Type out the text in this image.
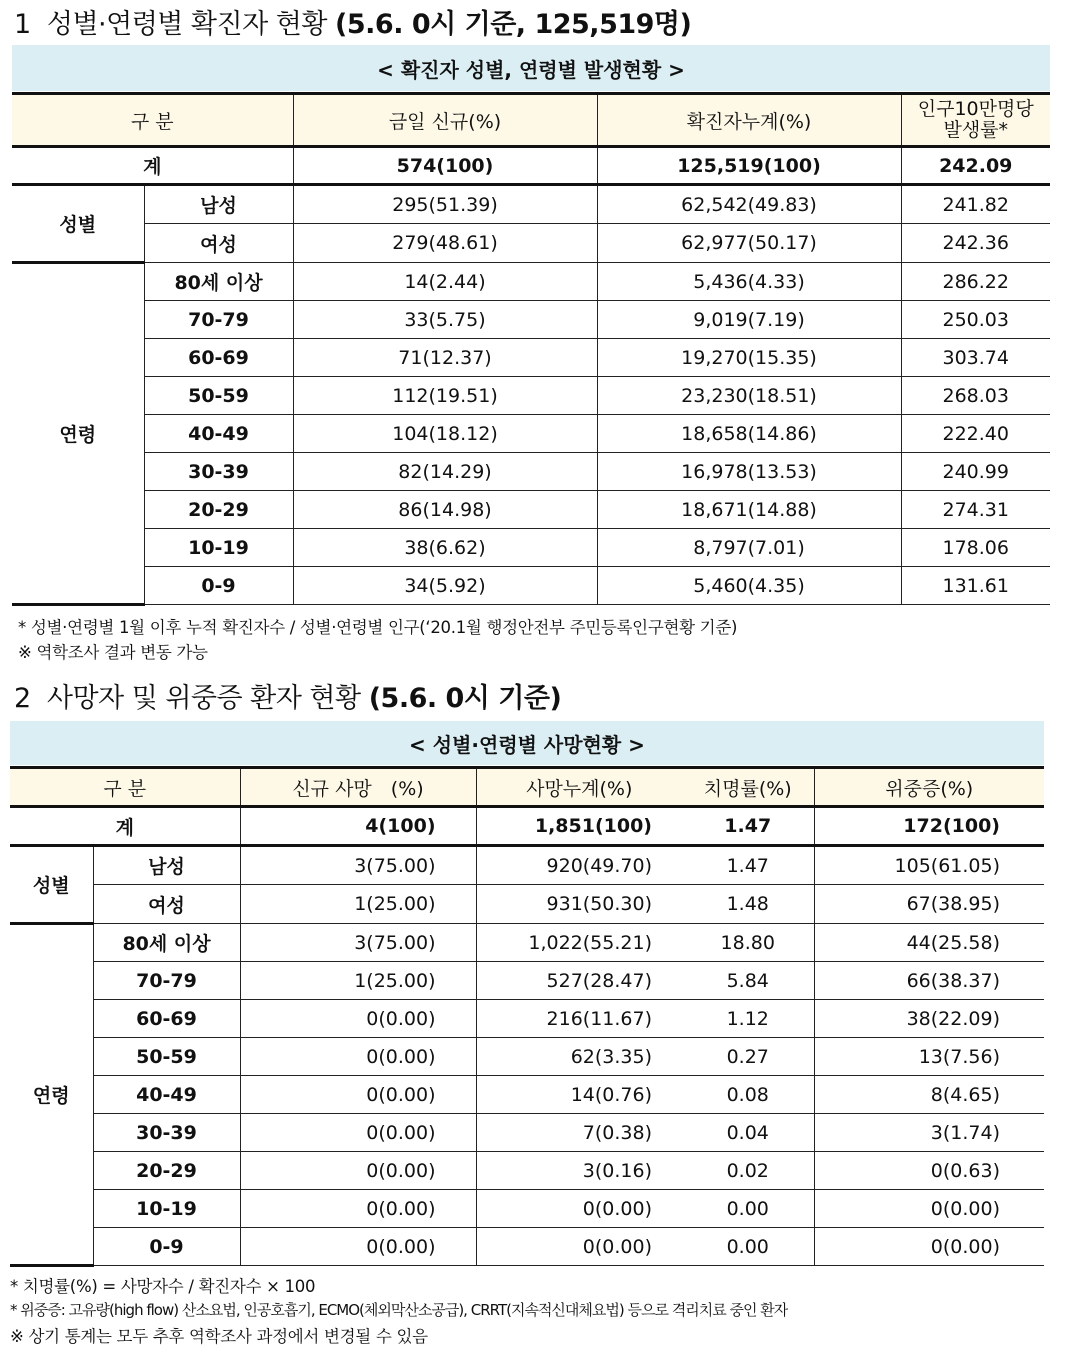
1 성별·연령별 확진자 현황 (5.6. 0시 기준, 125,519명)
< 확진자 성별, 연령별 발생현황 >
구 분		금일 신규(%)	확진자누계(%)	인구10만명당
발생률*

계		574(100)	125,519(100)	242.09
성별	남성	295(51.39)	62,542(49.83)	241.82
	여성	279(48.61)	62,977(50.17)	242.36
연령	80세 이상	14(2.44)	5,436(4.33)	286.22
	70-79	33(5.75)	9,019(7.19)	250.03
	60-69	71(12.37)	19,270(15.35)	303.74
	50-59	112(19.51)	23,230(18.51)	268.03
	40-49	104(18.12)	18,658(14.86)	222.40
	30-39	82(14.29)	16,978(13.53)	240.99
	20-29	86(14.98)	18,671(14.88)	274.31
	10-19	38(6.62)	8,797(7.01)	178.06
	0-9	34(5.92)	5,460(4.35)	131.61
* 성별·연령별 1월 이후 누적 확진자수 / 성별·연령별 인구(‘20.1월 행정안전부 주민등록인구현황 기준)
※ 역학조사 결과 변동 가능
2 사망자 및 위중증 환자 현황 (5.6. 0시 기준)
< 성별·연령별 사망현황 >
구 분		신규 사망　(%)	사망누계(%)	치명률(%)	위중증(%)
계		4(100)	1,851(100)	1.47	172(100)
성별	남성	3(75.00)	920(49.70)	1.47	105(61.05)
	여성	1(25.00)	931(50.30)	1.48	67(38.95)
연령	80세 이상	3(75.00)	1,022(55.21)	18.80	44(25.58)
	70-79	1(25.00)	527(28.47)	5.84	66(38.37)
	60-69	0(0.00)	216(11.67)	1.12	38(22.09)
	50-59	0(0.00)	62(3.35)	0.27	13(7.56)
	40-49	0(0.00)	14(0.76)	0.08	8(4.65)
	30-39	0(0.00)	7(0.38)	0.04	3(1.74)
	20-29	0(0.00)	3(0.16)	0.02	0(0.63)
	10-19	0(0.00)	0(0.00)	0.00	0(0.00)
	0-9	0(0.00)	0(0.00)	0.00	0(0.00)
* 치명률(%) = 사망자수 / 확진자수 × 100
* 위중증: 고유량(high flow) 산소요법, 인공호흡기, ECMO(체외막산소공급), CRRT(지속적신대체요법) 등으로 격리치료 중인 환자
※ 상기 통계는 모두 추후 역학조사 과정에서 변경될 수 있음
